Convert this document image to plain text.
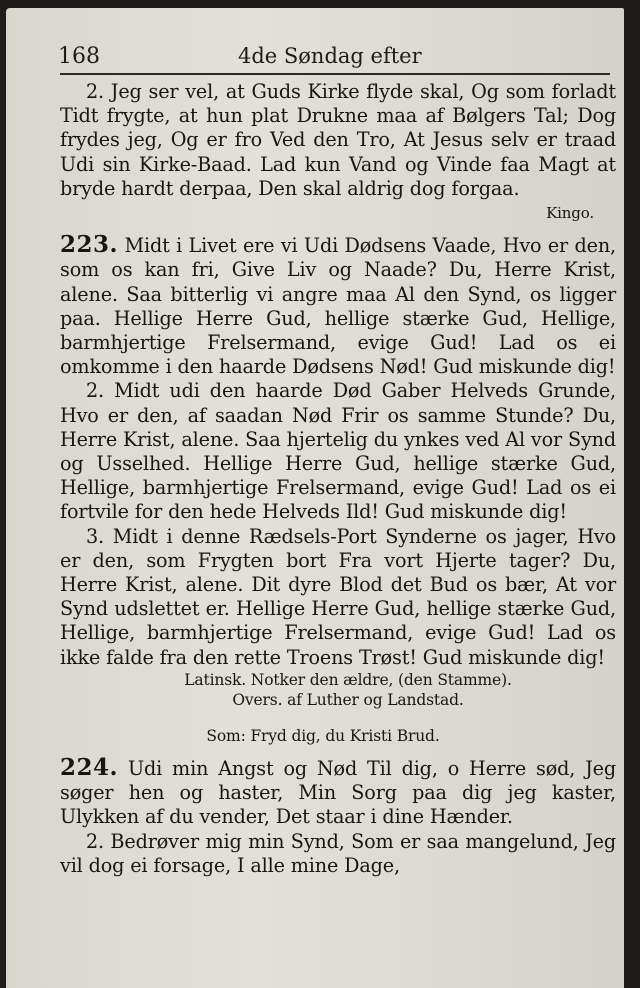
168	4de Søndag efter

2. Jeg ser vel, at Guds Kirke flyde skal, Og som forladt Tidt frygte, at hun plat Drukne maa af Bølgers Tal; Dog frydes jeg, Og er fro Ved den Tro, At Jesus selv er traad Udi sin Kirke-Baad. Lad kun Vand og Vinde faa Magt at bryde hardt derpaa, Den skal aldrig dog forgaa.
Kingo.

223. Midt i Livet ere vi Udi Dødsens Vaade, Hvo er den, som os kan fri, Give Liv og Naade? Du, Herre Krist, alene. Saa bitterlig vi angre maa Al den Synd, os ligger paa. Hellige Herre Gud, hellige stærke Gud, Hellige, barmhjertige Frelsermand, evige Gud! Lad os ei omkomme i den haarde Dødsens Nød! Gud miskunde dig!

2. Midt udi den haarde Død Gaber Helveds Grunde, Hvo er den, af saadan Nød Frir os samme Stunde? Du, Herre Krist, alene. Saa hjertelig du ynkes ved Al vor Synd og Usselhed. Hellige Herre Gud, hellige stærke Gud, Hellige, barmhjertige Frelsermand, evige Gud! Lad os ei fortvile for den hede Helveds Ild! Gud miskunde dig!

3. Midt i denne Rædsels-Port Synderne os jager, Hvo er den, som Frygten bort Fra vort Hjerte tager? Du, Herre Krist, alene. Dit dyre Blod det Bud os bær, At vor Synd udslettet er. Hellige Herre Gud, hellige stærke Gud, Hellige, barmhjertige Frelsermand, evige Gud! Lad os ikke falde fra den rette Troens Trøst! Gud miskunde dig!

Latinsk. Notker den ældre, (den Stamme).
Overs. af Luther og Landstad.

Som: Fryd dig, du Kristi Brud.

224. Udi min Angst og Nød Til dig, o Herre sød, Jeg søger hen og haster, Min Sorg paa dig jeg kaster, Ulykken af du vender, Det staar i dine Hænder.

2. Bedrøver mig min Synd, Som er saa mangelund, Jeg vil dog ei forsage, I alle mine Dage,
